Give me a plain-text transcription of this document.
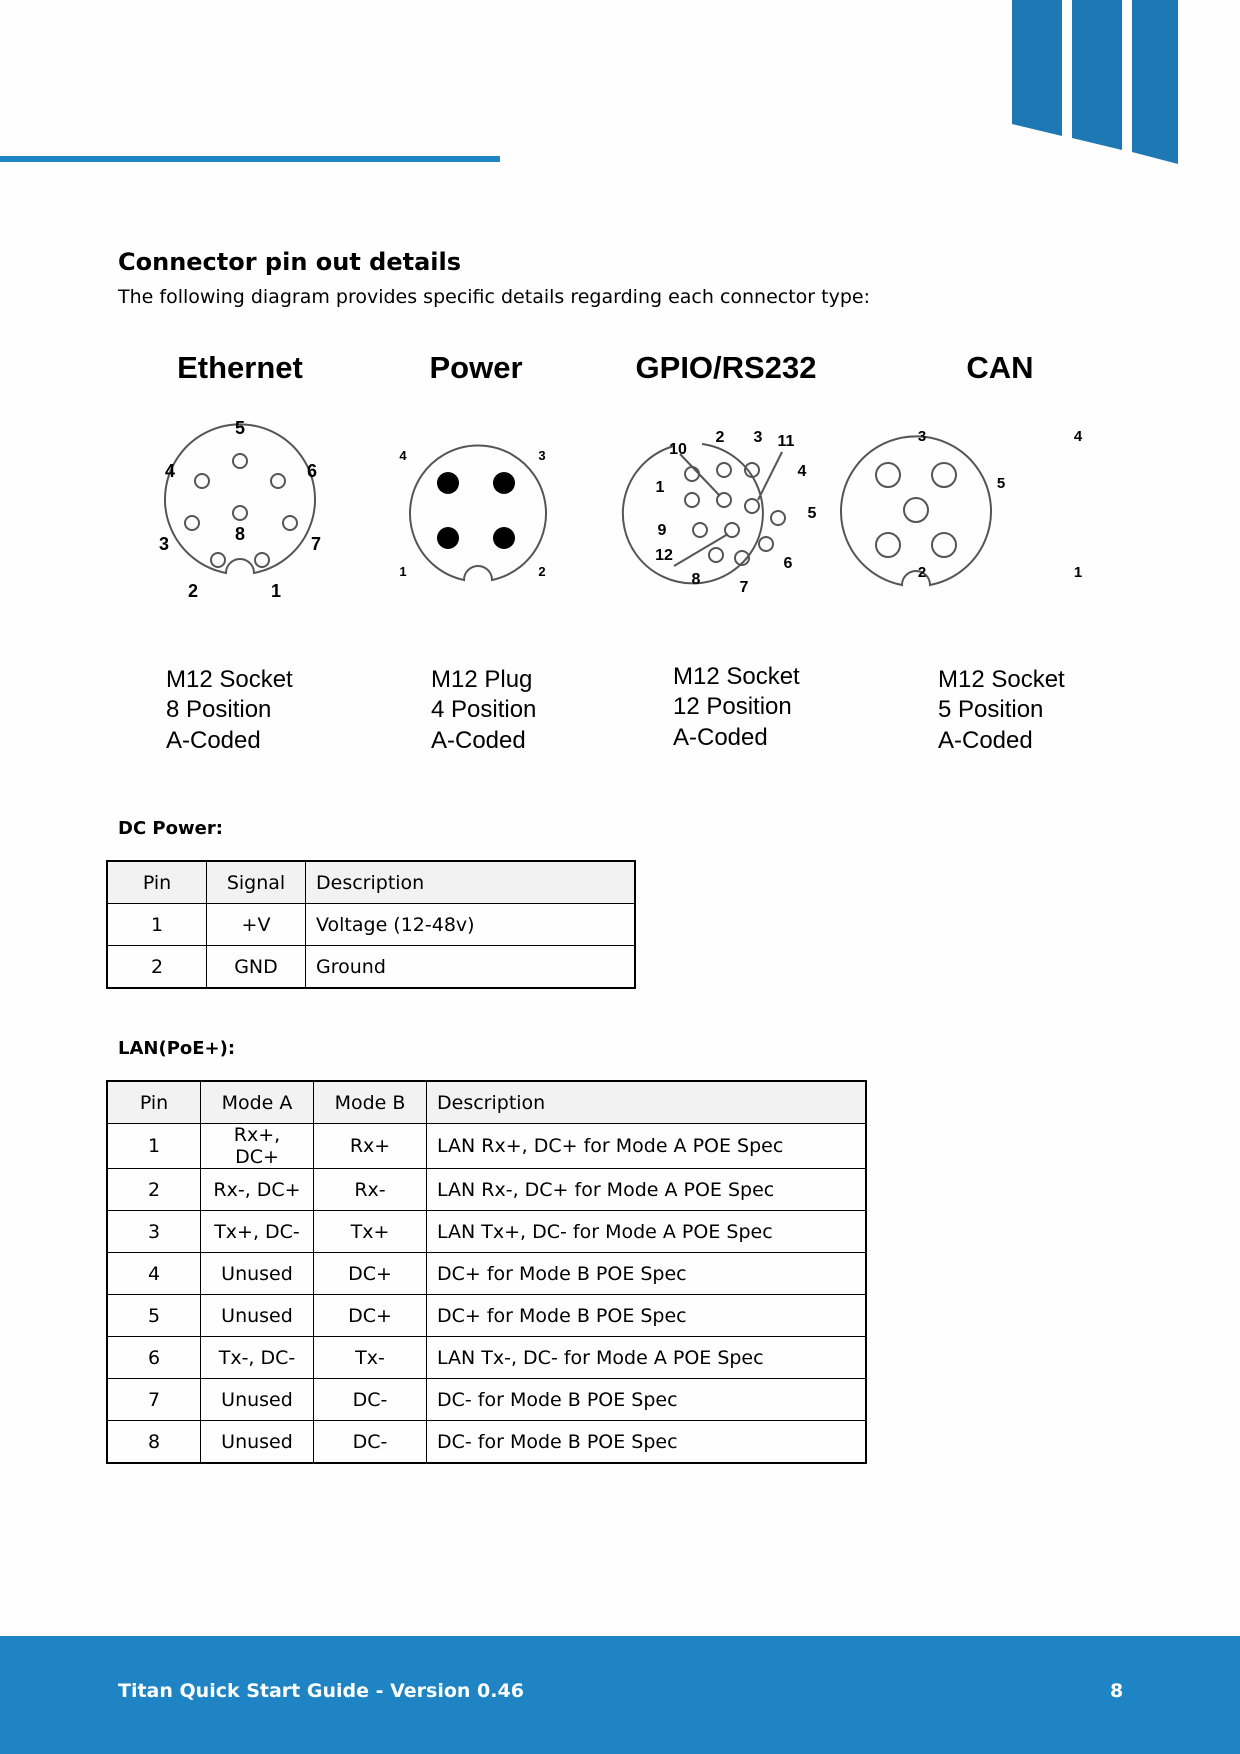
Connector pin out details
The following diagram provides specific details regarding each connector type:
Ethernet	Power	GPIO/RS232	CAN
1
2
3
4
5
6
7
8
1	2
3
4
1
2 3
4
5
6
7
8
9
10	11
12
1
2
3	4
5
M12 Socket
8 Position
A-Coded
M12 Plug
4 Position
A-Coded
M12 Socket
12 Position
A-Coded
M12 Socket
5 Position
A-Coded
DC Power:
Pin	Signal	Description
1	+V	Voltage (12-48v)
2	GND	Ground
LAN(PoE+):
Pin	Mode A	Mode B	Description
1	Rx+, DC+	Rx+	LAN Rx+, DC+ for Mode A POE Spec
2	Rx-, DC+	Rx-	LAN Rx-, DC+ for Mode A POE Spec
3	Tx+, DC-	Tx+	LAN Tx+, DC- for Mode A POE Spec
4	Unused	DC+	DC+ for Mode B POE Spec
5	Unused	DC+	DC+ for Mode B POE Spec
6	Tx-, DC-	Tx-	LAN Tx-, DC- for Mode A POE Spec
7	Unused	DC-	DC- for Mode B POE Spec
8	Unused	DC-	DC- for Mode B POE Spec
Titan Quick Start Guide - Version 0.46	8
